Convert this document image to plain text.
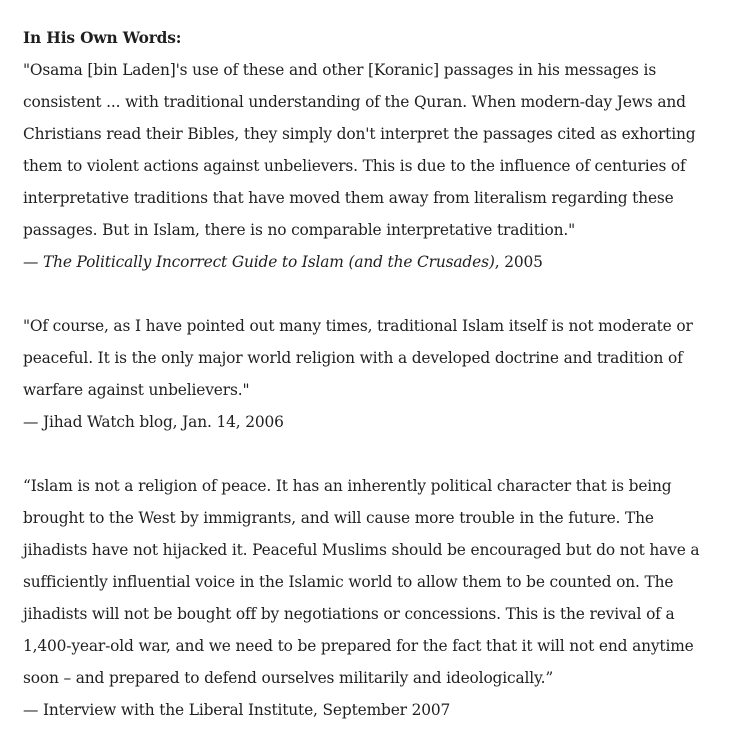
In His Own Words:
"Osama [bin Laden]'s use of these and other [Koranic] passages in his messages is consistent ... with traditional understanding of the Quran. When modern-day Jews and Christians read their Bibles, they simply don't interpret the passages cited as exhorting them to violent actions against unbelievers. This is due to the influence of centuries of interpretative traditions that have moved them away from literalism regarding these passages. But in Islam, there is no comparable interpretative tradition."
— The Politically Incorrect Guide to Islam (and the Crusades), 2005
"Of course, as I have pointed out many times, traditional Islam itself is not moderate or peaceful. It is the only major world religion with a developed doctrine and tradition of warfare against unbelievers."
— Jihad Watch blog, Jan. 14, 2006
“Islam is not a religion of peace. It has an inherently political character that is being brought to the West by immigrants, and will cause more trouble in the future. The jihadists have not hijacked it. Peaceful Muslims should be encouraged but do not have a sufficiently influential voice in the Islamic world to allow them to be counted on. The jihadists will not be bought off by negotiations or concessions. This is the revival of a 1,400-year-old war, and we need to be prepared for the fact that it will not end anytime soon – and prepared to defend ourselves militarily and ideologically.”
— Interview with the Liberal Institute, September 2007
